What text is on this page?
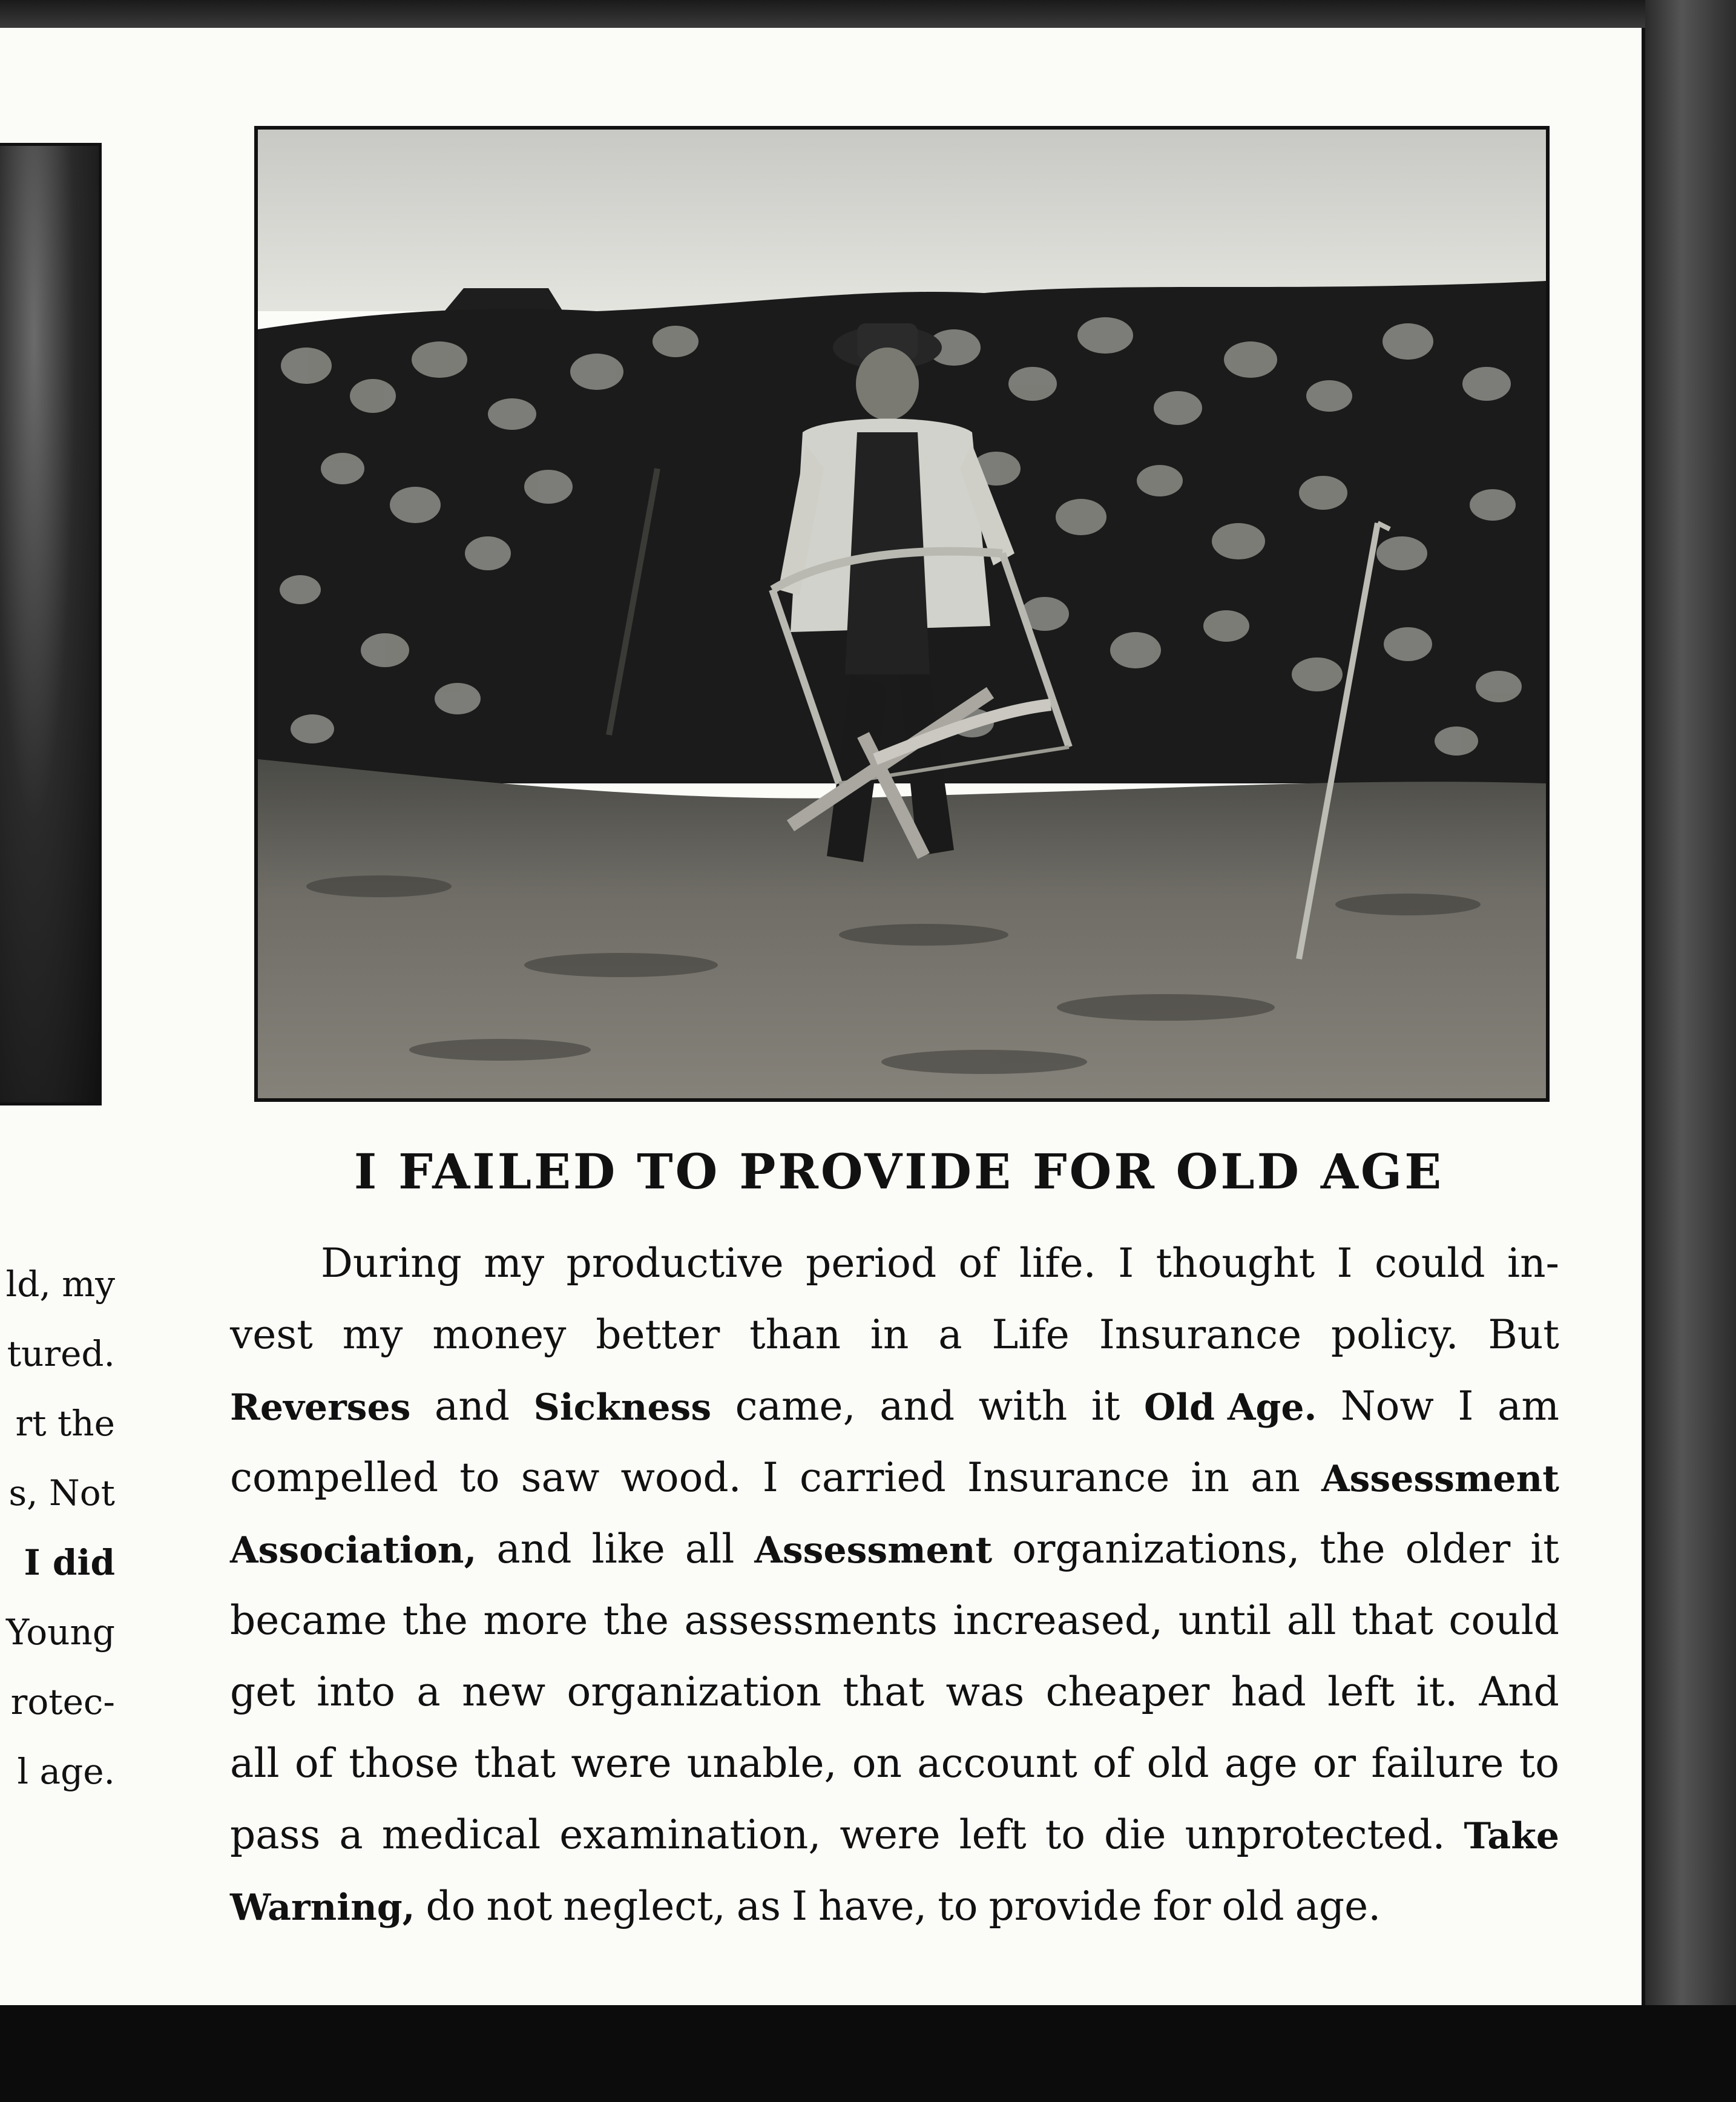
ld, my
tured.
rt the
s, Not
I did
Young
rotec-
l age.
I FAILED TO PROVIDE FOR OLD AGE
During my productive period of life. I thought I could in-
vest my money better than in a Life Insurance policy. But
Reverses and Sickness came, and with it Old Age. Now I am
compelled to saw wood. I carried Insurance in an Assessment
Association, and like all Assessment organizations, the older it
became the more the assessments increased, until all that could
get into a new organization that was cheaper had left it. And
all of those that were unable, on account of old age or failure to
pass a medical examination, were left to die unprotected. Take
Warning, do not neglect, as I have, to provide for old age.
